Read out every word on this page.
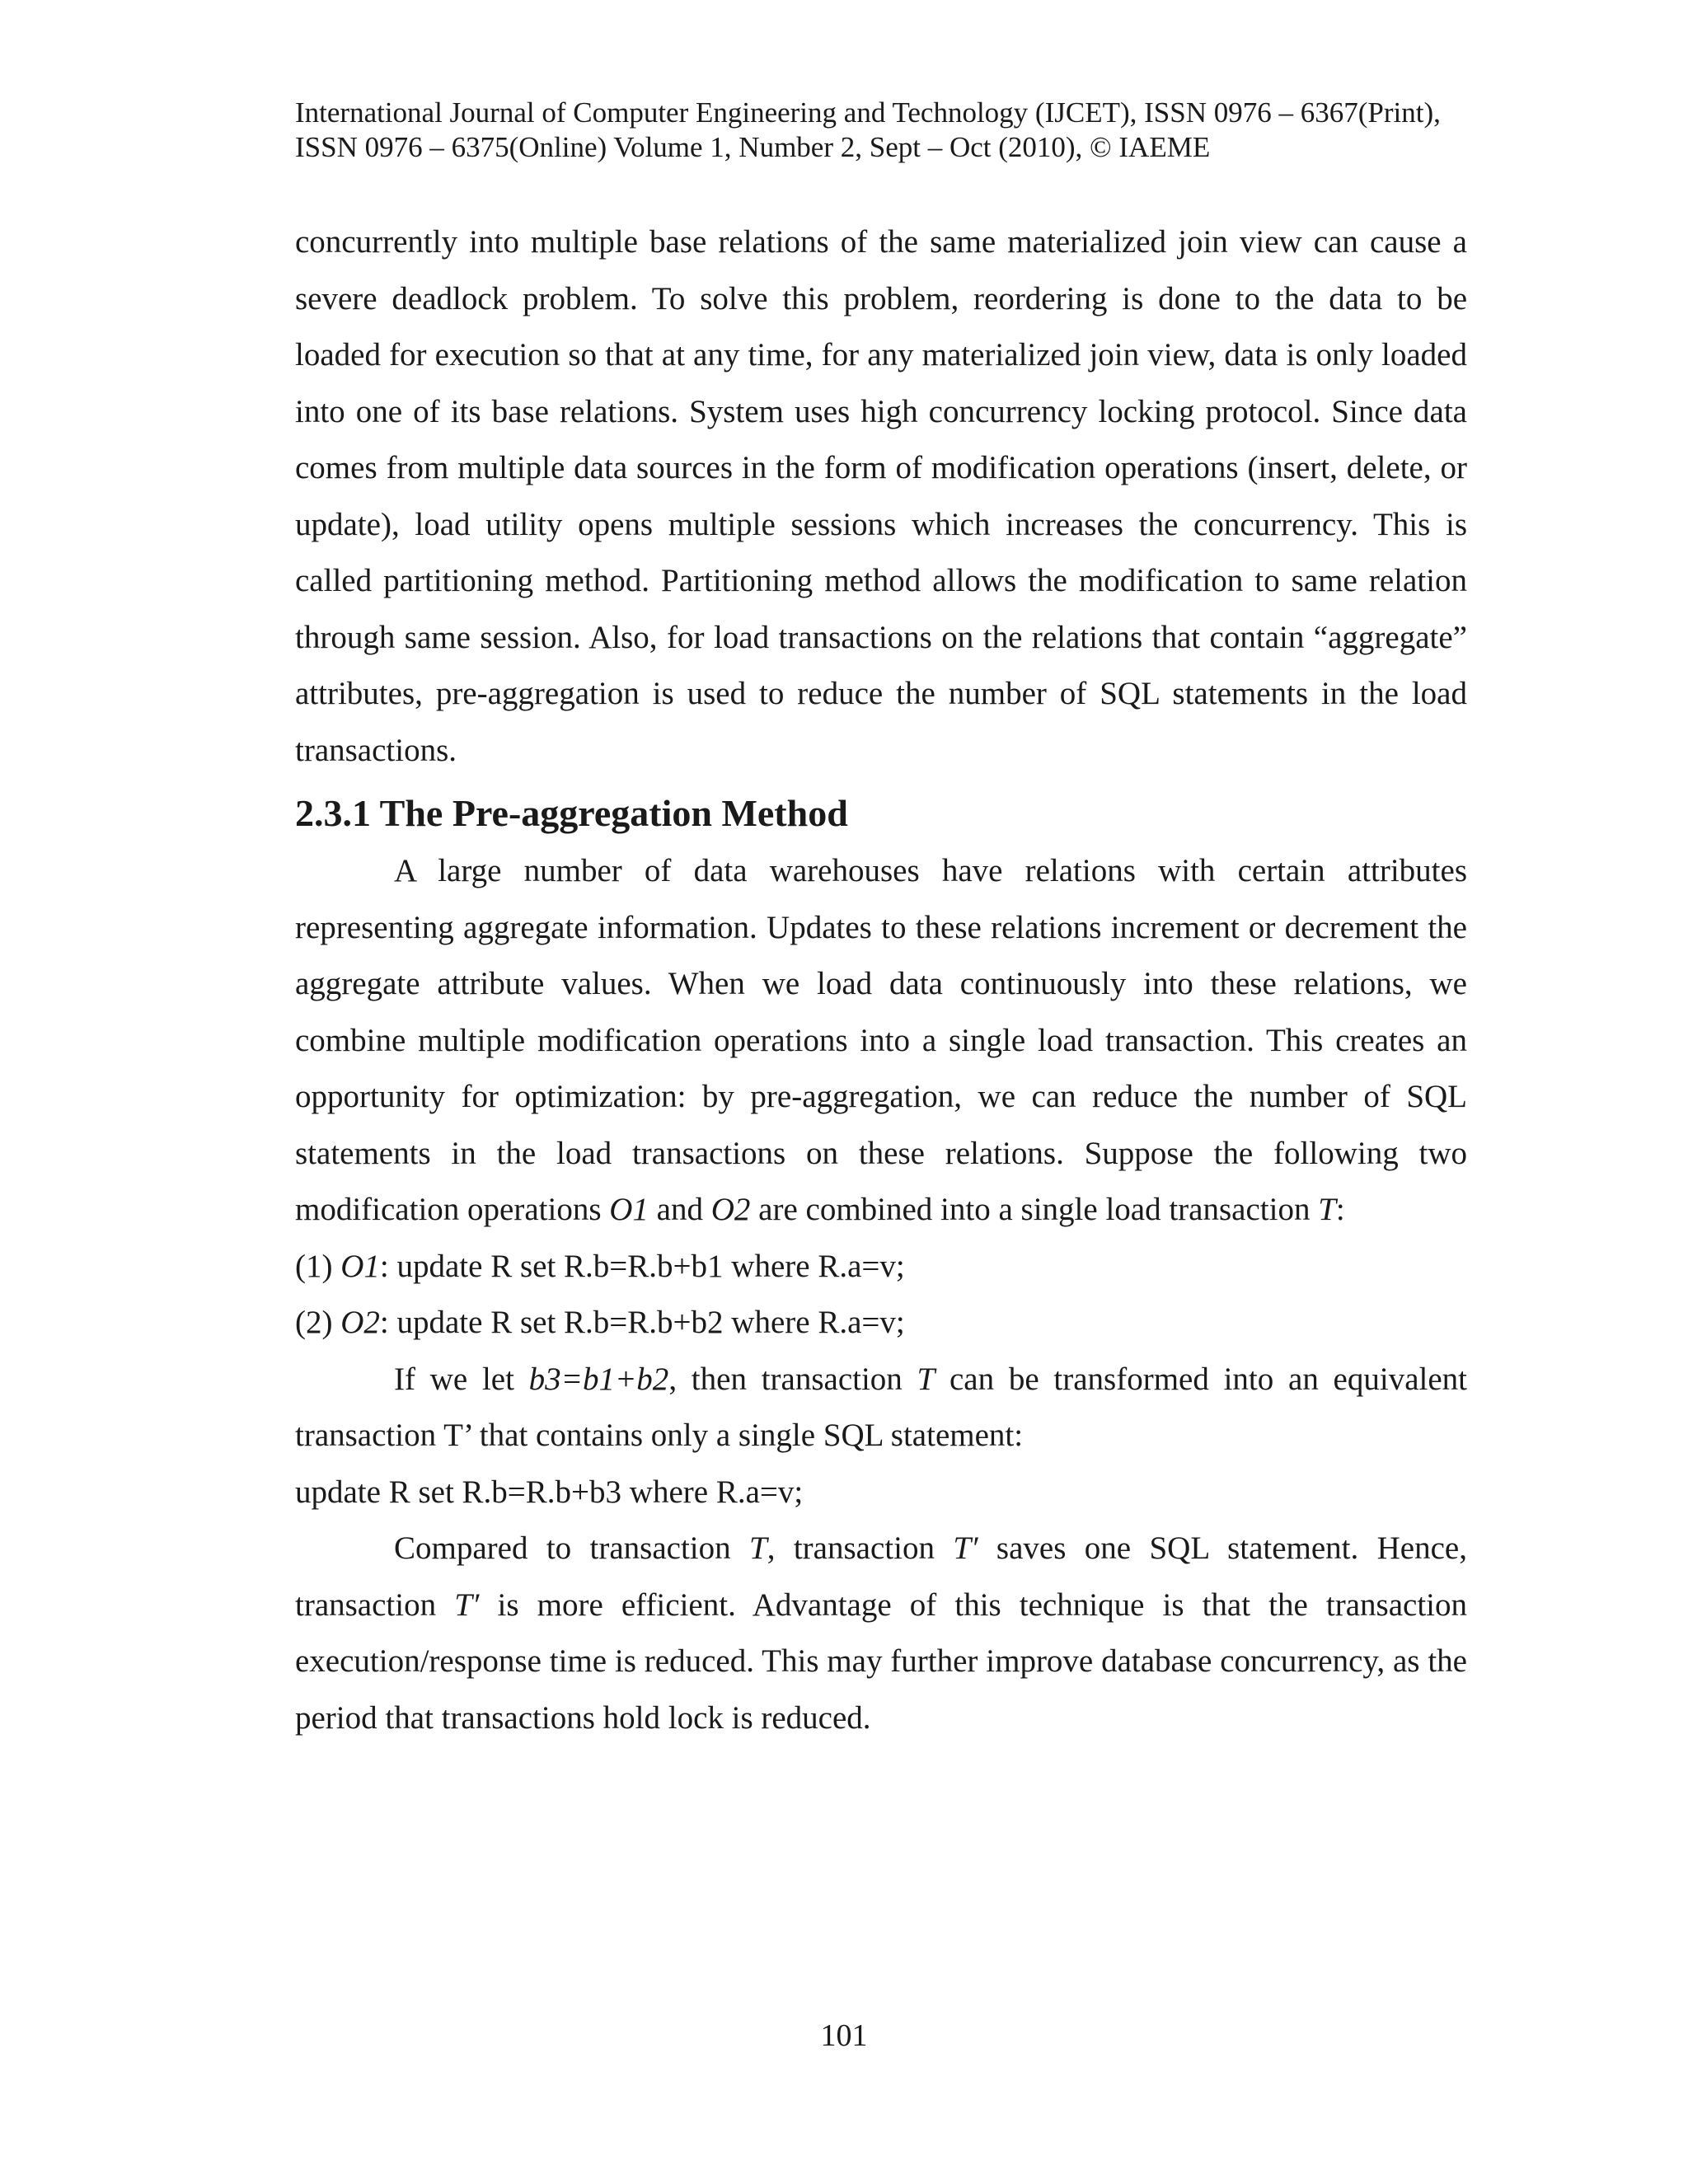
International Journal of Computer Engineering and Technology (IJCET), ISSN 0976 – 6367(Print),
ISSN 0976 – 6375(Online) Volume 1, Number 2, Sept – Oct (2010), © IAEME

concurrently into multiple base relations of the same materialized join view can cause a severe deadlock problem. To solve this problem, reordering is done to the data to be loaded for execution so that at any time, for any materialized join view, data is only loaded into one of its base relations. System uses high concurrency locking protocol. Since data comes from multiple data sources in the form of modification operations (insert, delete, or update), load utility opens multiple sessions which increases the concurrency. This is called partitioning method. Partitioning method allows the modification to same relation through same session. Also, for load transactions on the relations that contain “aggregate” attributes, pre-aggregation is used to reduce the number of SQL statements in the load transactions.

2.3.1 The Pre-aggregation Method

A large number of data warehouses have relations with certain attributes representing aggregate information. Updates to these relations increment or decrement the aggregate attribute values. When we load data continuously into these relations, we combine multiple modification operations into a single load transaction. This creates an opportunity for optimization: by pre-aggregation, we can reduce the number of SQL statements in the load transactions on these relations. Suppose the following two modification operations O1 and O2 are combined into a single load transaction T:

(1) O1: update R set R.b=R.b+b1 where R.a=v;

(2) O2: update R set R.b=R.b+b2 where R.a=v;

If we let b3=b1+b2, then transaction T can be transformed into an equivalent transaction T’ that contains only a single SQL statement:

update R set R.b=R.b+b3 where R.a=v;

Compared to transaction T, transaction T′ saves one SQL statement. Hence, transaction T′ is more efficient. Advantage of this technique is that the transaction execution/response time is reduced. This may further improve database concurrency, as the period that transactions hold lock is reduced.

101
